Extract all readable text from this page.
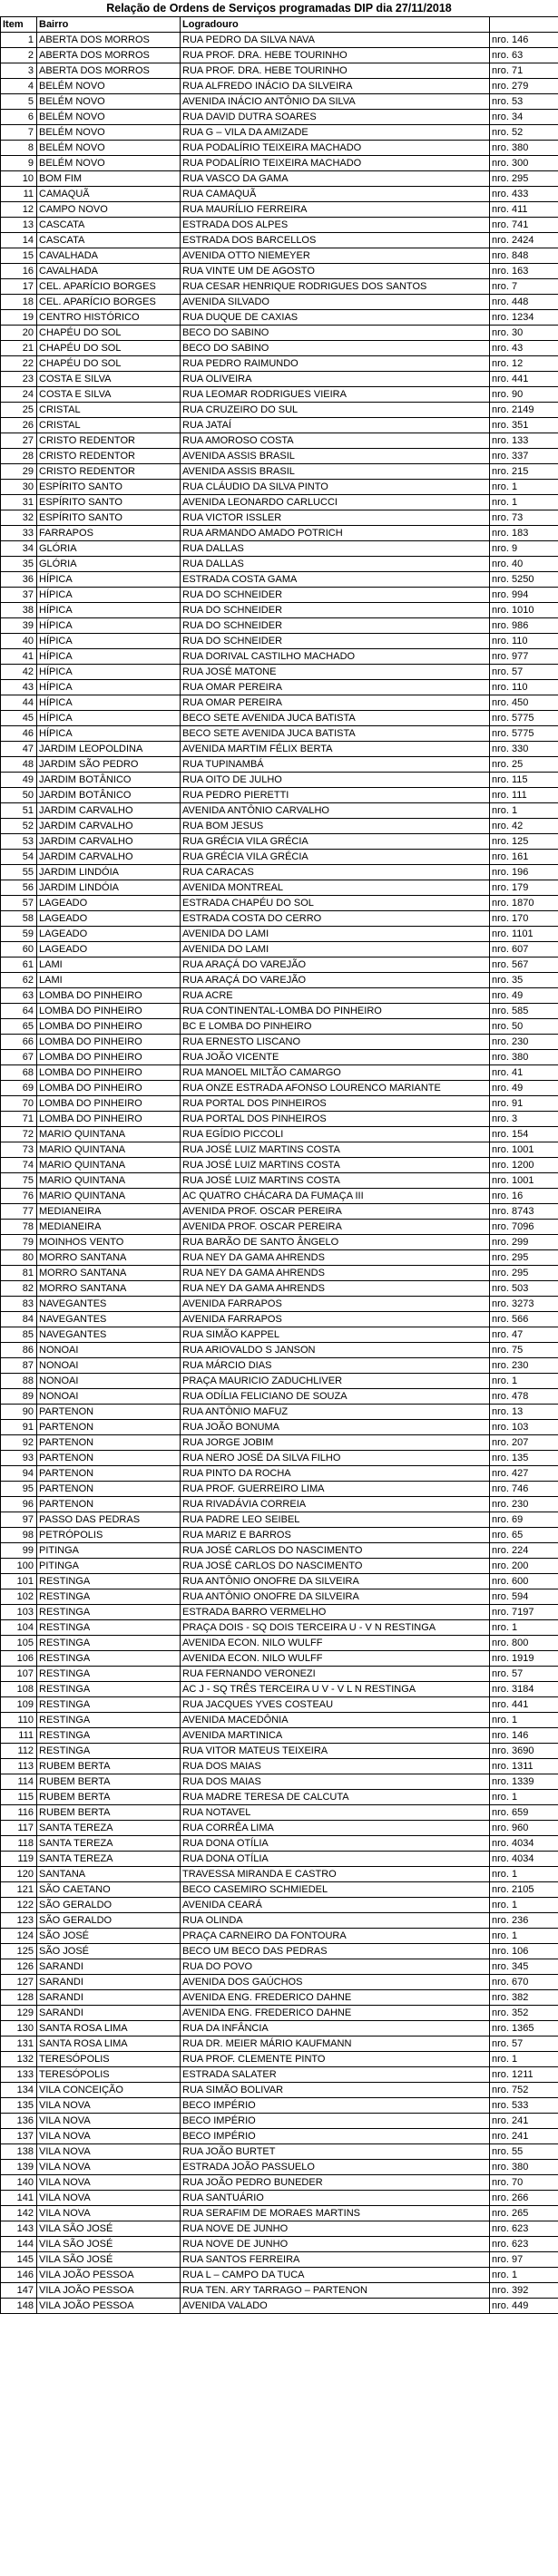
Relação de Ordens de Serviços programadas DIP dia 27/11/2018
Item	Bairro	Logradouro	
1	ABERTA DOS MORROS	RUA PEDRO DA SILVA NAVA	nro. 146
2	ABERTA DOS MORROS	RUA PROF. DRA. HEBE TOURINHO	nro. 63
3	ABERTA DOS MORROS	RUA PROF. DRA. HEBE TOURINHO	nro. 71
4	BELÉM NOVO	RUA ALFREDO INÁCIO DA SILVEIRA	nro. 279
5	BELÉM NOVO	AVENIDA INÁCIO ANTÔNIO DA SILVA	nro. 53
6	BELÉM NOVO	RUA DAVID DUTRA SOARES	nro. 34
7	BELÉM NOVO	RUA G – VILA DA AMIZADE	nro. 52
8	BELÉM NOVO	RUA PODALÍRIO TEIXEIRA MACHADO	nro. 380
9	BELÉM NOVO	RUA PODALÍRIO TEIXEIRA MACHADO	nro. 300
10	BOM FIM	RUA VASCO DA GAMA	nro. 295
11	CAMAQUÃ	RUA CAMAQUÃ	nro. 433
12	CAMPO NOVO	RUA MAURÍLIO FERREIRA	nro. 411
13	CASCATA	ESTRADA DOS ALPES	nro. 741
14	CASCATA	ESTRADA DOS BARCELLOS	nro. 2424
15	CAVALHADA	AVENIDA OTTO NIEMEYER	nro. 848
16	CAVALHADA	RUA VINTE UM DE AGOSTO	nro. 163
17	CEL. APARÍCIO BORGES	RUA CESAR HENRIQUE RODRIGUES DOS SANTOS	nro. 7
18	CEL. APARÍCIO BORGES	AVENIDA SILVADO	nro. 448
19	CENTRO HISTÓRICO	RUA DUQUE DE CAXIAS	nro. 1234
20	CHAPÉU DO SOL	BECO DO SABINO	nro. 30
21	CHAPÉU DO SOL	BECO DO SABINO	nro. 43
22	CHAPÉU DO SOL	RUA PEDRO RAIMUNDO	nro. 12
23	COSTA E SILVA	RUA OLIVEIRA	nro. 441
24	COSTA E SILVA	RUA LEOMAR RODRIGUES VIEIRA	nro. 90
25	CRISTAL	RUA CRUZEIRO DO SUL	nro. 2149
26	CRISTAL	RUA JATAÍ	nro. 351
27	CRISTO REDENTOR	RUA AMOROSO COSTA	nro. 133
28	CRISTO REDENTOR	AVENIDA ASSIS BRASIL	nro. 337
29	CRISTO REDENTOR	AVENIDA ASSIS BRASIL	nro. 215
30	ESPÍRITO SANTO	RUA CLÁUDIO DA SILVA PINTO	nro. 1
31	ESPÍRITO SANTO	AVENIDA LEONARDO CARLUCCI	nro. 1
32	ESPÍRITO SANTO	RUA VICTOR ISSLER	nro. 73
33	FARRAPOS	RUA ARMANDO AMADO POTRICH	nro. 183
34	GLÓRIA	RUA DALLAS	nro. 9
35	GLÓRIA	RUA DALLAS	nro. 40
36	HÍPICA	ESTRADA COSTA GAMA	nro. 5250
37	HÍPICA	RUA DO SCHNEIDER	nro. 994
38	HÍPICA	RUA DO SCHNEIDER	nro. 1010
39	HÍPICA	RUA DO SCHNEIDER	nro. 986
40	HÍPICA	RUA DO SCHNEIDER	nro. 110
41	HÍPICA	RUA DORIVAL CASTILHO MACHADO	nro. 977
42	HÍPICA	RUA JOSÉ MATONE	nro. 57
43	HÍPICA	RUA OMAR PEREIRA	nro. 110
44	HÍPICA	RUA OMAR PEREIRA	nro. 450
45	HÍPICA	BECO SETE AVENIDA JUCA BATISTA	nro. 5775
46	HÍPICA	BECO SETE AVENIDA JUCA BATISTA	nro. 5775
47	JARDIM LEOPOLDINA	AVENIDA MARTIM FÉLIX BERTA	nro. 330
48	JARDIM SÃO PEDRO	RUA TUPINAMBÁ	nro. 25
49	JARDIM BOTÂNICO	RUA OITO DE JULHO	nro. 115
50	JARDIM BOTÂNICO	RUA PEDRO PIERETTI	nro. 111
51	JARDIM CARVALHO	AVENIDA ANTÔNIO CARVALHO	nro. 1
52	JARDIM CARVALHO	RUA BOM JESUS	nro. 42
53	JARDIM CARVALHO	RUA GRÉCIA VILA GRÉCIA	nro. 125
54	JARDIM CARVALHO	RUA GRÉCIA VILA GRÉCIA	nro. 161
55	JARDIM LINDÓIA	RUA CARACAS	nro. 196
56	JARDIM LINDÓIA	AVENIDA MONTREAL	nro. 179
57	LAGEADO	ESTRADA CHAPÉU DO SOL	nro. 1870
58	LAGEADO	ESTRADA COSTA DO CERRO	nro. 170
59	LAGEADO	AVENIDA DO LAMI	nro. 1101
60	LAGEADO	AVENIDA DO LAMI	nro. 607
61	LAMI	RUA ARAÇÁ DO VAREJÃO	nro. 567
62	LAMI	RUA ARAÇÁ DO VAREJÃO	nro. 35
63	LOMBA DO PINHEIRO	RUA ACRE	nro. 49
64	LOMBA DO PINHEIRO	RUA CONTINENTAL-LOMBA DO PINHEIRO	nro. 585
65	LOMBA DO PINHEIRO	BC E LOMBA DO PINHEIRO	nro. 50
66	LOMBA DO PINHEIRO	RUA ERNESTO LISCANO	nro. 230
67	LOMBA DO PINHEIRO	RUA JOÃO VICENTE	nro. 380
68	LOMBA DO PINHEIRO	RUA MANOEL MILTÃO CAMARGO	nro. 41
69	LOMBA DO PINHEIRO	RUA ONZE ESTRADA AFONSO LOURENCO MARIANTE	nro. 49
70	LOMBA DO PINHEIRO	RUA PORTAL DOS PINHEIROS	nro. 91
71	LOMBA DO PINHEIRO	RUA PORTAL DOS PINHEIROS	nro. 3
72	MARIO QUINTANA	RUA EGÍDIO PICCOLI	nro. 154
73	MARIO QUINTANA	RUA JOSÉ LUIZ MARTINS COSTA	nro. 1001
74	MARIO QUINTANA	RUA JOSÉ LUIZ MARTINS COSTA	nro. 1200
75	MARIO QUINTANA	RUA JOSÉ LUIZ MARTINS COSTA	nro. 1001
76	MARIO QUINTANA	AC QUATRO CHÁCARA DA FUMAÇA III	nro. 16
77	MEDIANEIRA	AVENIDA PROF. OSCAR PEREIRA	nro. 8743
78	MEDIANEIRA	AVENIDA PROF. OSCAR PEREIRA	nro. 7096
79	MOINHOS VENTO	RUA BARÃO DE SANTO ÂNGELO	nro. 299
80	MORRO SANTANA	RUA NEY DA GAMA AHRENDS	nro. 295
81	MORRO SANTANA	RUA NEY DA GAMA AHRENDS	nro. 295
82	MORRO SANTANA	RUA NEY DA GAMA AHRENDS	nro. 503
83	NAVEGANTES	AVENIDA FARRAPOS	nro. 3273
84	NAVEGANTES	AVENIDA FARRAPOS	nro. 566
85	NAVEGANTES	RUA SIMÃO KAPPEL	nro. 47
86	NONOAI	RUA ARIOVALDO S JANSON	nro. 75
87	NONOAI	RUA MÁRCIO DIAS	nro. 230
88	NONOAI	PRAÇA MAURICIO ZADUCHLIVER	nro. 1
89	NONOAI	RUA ODÍLIA FELICIANO DE SOUZA	nro. 478
90	PARTENON	RUA ANTÔNIO MAFUZ	nro. 13
91	PARTENON	RUA JOÃO BONUMA	nro. 103
92	PARTENON	RUA JORGE JOBIM	nro. 207
93	PARTENON	RUA NERO JOSÉ DA SILVA FILHO	nro. 135
94	PARTENON	RUA PINTO DA ROCHA	nro. 427
95	PARTENON	RUA PROF. GUERREIRO LIMA	nro. 746
96	PARTENON	RUA RIVADÁVIA CORREIA	nro. 230
97	PASSO DAS PEDRAS	RUA PADRE LEO SEIBEL	nro. 69
98	PETRÓPOLIS	RUA MARIZ E BARROS	nro. 65
99	PITINGA	RUA JOSÉ CARLOS DO NASCIMENTO	nro. 224
100	PITINGA	RUA JOSÉ CARLOS DO NASCIMENTO	nro. 200
101	RESTINGA	RUA ANTÔNIO ONOFRE DA SILVEIRA	nro. 600
102	RESTINGA	RUA ANTÔNIO ONOFRE DA SILVEIRA	nro. 594
103	RESTINGA	ESTRADA BARRO VERMELHO	nro. 7197
104	RESTINGA	PRAÇA DOIS - SQ DOIS TERCEIRA U - V N RESTINGA	nro. 1
105	RESTINGA	AVENIDA ECON. NILO WULFF	nro. 800
106	RESTINGA	AVENIDA ECON. NILO WULFF	nro. 1919
107	RESTINGA	RUA FERNANDO VERONEZI	nro. 57
108	RESTINGA	AC J - SQ TRÊS TERCEIRA U V - V L N RESTINGA	nro. 3184
109	RESTINGA	RUA JACQUES YVES COSTEAU	nro. 441
110	RESTINGA	AVENIDA MACEDÔNIA	nro. 1
111	RESTINGA	AVENIDA MARTINICA	nro. 146
112	RESTINGA	RUA VITOR MATEUS TEIXEIRA	nro. 3690
113	RUBEM BERTA	RUA DOS MAIAS	nro. 1311
114	RUBEM BERTA	RUA DOS MAIAS	nro. 1339
115	RUBEM BERTA	RUA MADRE TERESA DE CALCUTA	nro. 1
116	RUBEM BERTA	RUA NOTAVEL	nro. 659
117	SANTA TEREZA	RUA CORRÊA LIMA	nro. 960
118	SANTA TEREZA	RUA DONA OTÍLIA	nro. 4034
119	SANTA TEREZA	RUA DONA OTÍLIA	nro. 4034
120	SANTANA	TRAVESSA MIRANDA E CASTRO	nro. 1
121	SÃO CAETANO	BECO CASEMIRO SCHMIEDEL	nro. 2105
122	SÃO GERALDO	AVENIDA CEARÁ	nro. 1
123	SÃO GERALDO	RUA OLINDA	nro. 236
124	SÃO JOSÉ	PRAÇA CARNEIRO DA FONTOURA	nro. 1
125	SÃO JOSÉ	BECO UM BECO DAS PEDRAS	nro. 106
126	SARANDI	RUA DO POVO	nro. 345
127	SARANDI	AVENIDA DOS GAÚCHOS	nro. 670
128	SARANDI	AVENIDA ENG. FREDERICO DAHNE	nro. 382
129	SARANDI	AVENIDA ENG. FREDERICO DAHNE	nro. 352
130	SANTA ROSA LIMA	RUA DA INFÂNCIA	nro. 1365
131	SANTA ROSA LIMA	RUA DR. MEIER MÁRIO KAUFMANN	nro. 57
132	TERESÓPOLIS	RUA PROF. CLEMENTE PINTO	nro. 1
133	TERESÓPOLIS	ESTRADA SALATER	nro. 1211
134	VILA CONCEIÇÃO	RUA SIMÃO BOLIVAR	nro. 752
135	VILA NOVA	BECO IMPÉRIO	nro. 533
136	VILA NOVA	BECO IMPÉRIO	nro. 241
137	VILA NOVA	BECO IMPÉRIO	nro. 241
138	VILA NOVA	RUA JOÃO BURTET	nro. 55
139	VILA NOVA	ESTRADA JOÃO PASSUELO	nro. 380
140	VILA NOVA	RUA JOÃO PEDRO BUNEDER	nro. 70
141	VILA NOVA	RUA SANTUÁRIO	nro. 266
142	VILA NOVA	RUA SERAFIM DE MORAES MARTINS	nro. 265
143	VILA SÃO JOSÉ	RUA NOVE DE JUNHO	nro. 623
144	VILA SÃO JOSÉ	RUA NOVE DE JUNHO	nro. 623
145	VILA SÃO JOSÉ	RUA SANTOS FERREIRA	nro. 97
146	VILA JOÃO PESSOA	RUA L – CAMPO DA TUCA	nro. 1
147	VILA JOÃO PESSOA	RUA TEN. ARY TARRAGO – PARTENON	nro. 392
148	VILA JOÃO PESSOA	AVENIDA VALADO	nro. 449
